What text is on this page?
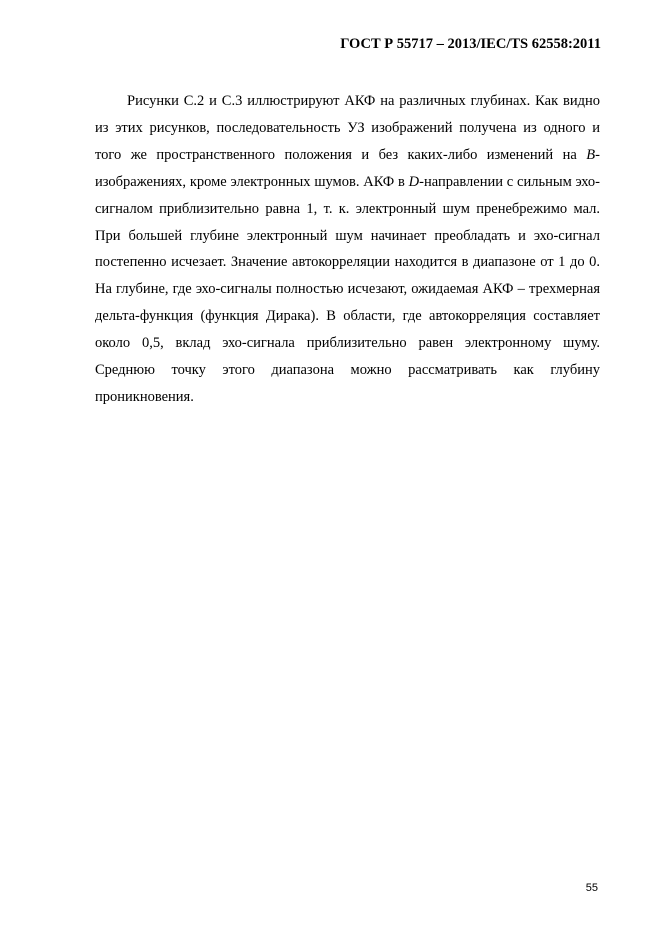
ГОСТ Р 55717 – 2013/IEC/TS 62558:2011

Рисунки С.2 и С.3 иллюстрируют АКФ на различных глубинах. Как видно из этих рисунков, последовательность УЗ изображений получена из одного и того же пространственного положения и без каких-либо изменений на B-изображениях, кроме электронных шумов. АКФ в D-направлении с сильным эхо-сигналом приблизительно равна 1, т. к. электронный шум пренебрежимо мал. При большей глубине электронный шум начинает преобладать и эхо-сигнал постепенно исчезает. Значение автокорреляции находится в диапазоне от 1 до 0. На глубине, где эхо-сигналы полностью исчезают, ожидаемая АКФ – трехмерная дельта-функция (функция Дирака). В области, где автокорреляция составляет около 0,5, вклад эхо-сигнала приблизительно равен электронному шуму. Среднюю точку этого диапазона можно рассматривать как глубину проникновения.

55
